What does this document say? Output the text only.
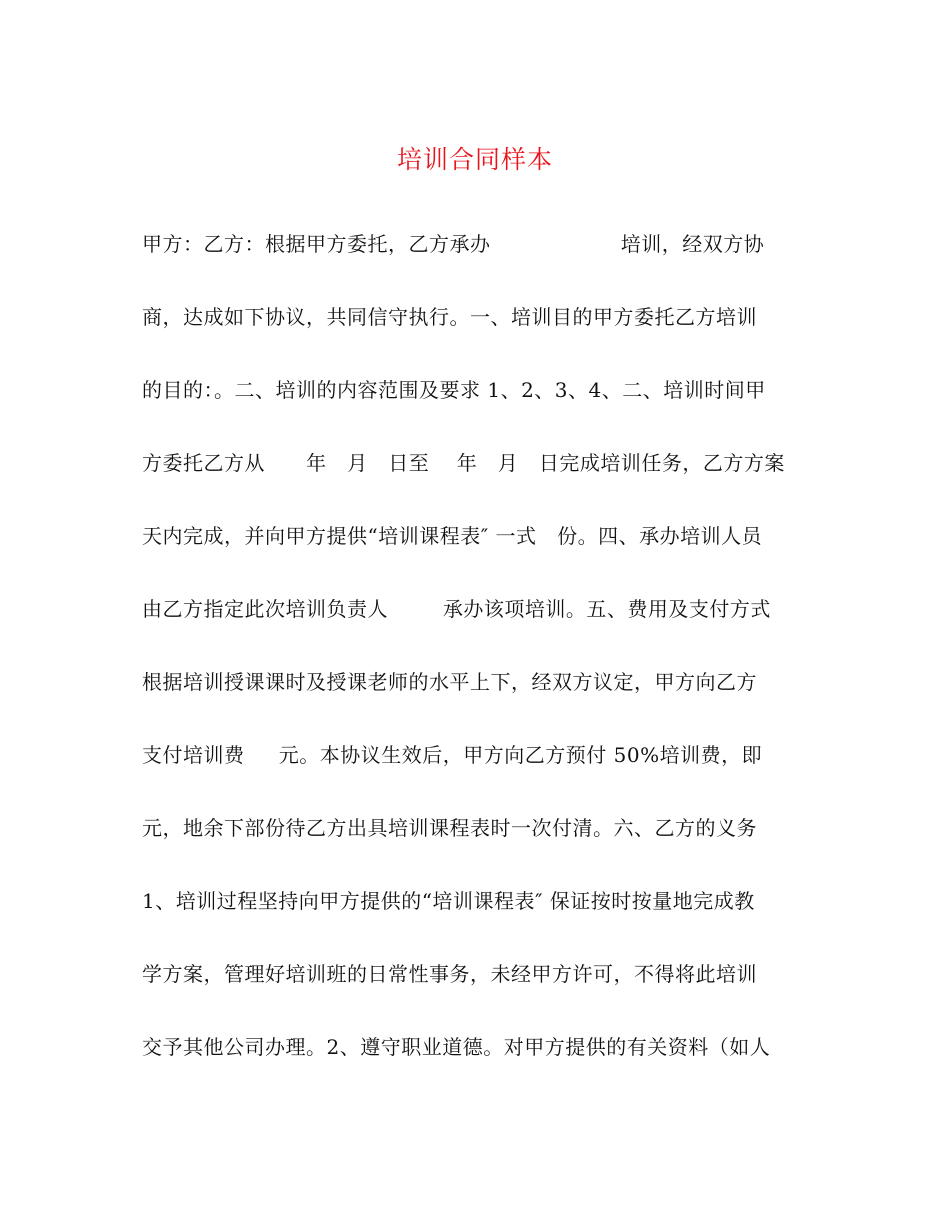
培训合同样本
甲方：乙方：根据甲方委托，乙方承办                   培训，经双方协
商，达成如下协议，共同信守执行。一、培训目的甲方委托乙方培训
的目的：。二、培训的内容范围及要求 1、2、3、4、二、培训时间甲
方委托乙方从      年   月   日至    年   月   日完成培训任务，乙方方案
天内完成，并向甲方提供“培训课程表″ 一式   份。四、承办培训人员
由乙方指定此次培训负责人        承办该项培训。五、费用及支付方式
根据培训授课课时及授课老师的水平上下，经双方议定，甲方向乙方
支付培训费     元。本协议生效后，甲方向乙方预付 50%培训费，即
元，地余下部份待乙方出具培训课程表时一次付清。六、乙方的义务
1、培训过程坚持向甲方提供的“培训课程表″ 保证按时按量地完成教
学方案，管理好培训班的日常性事务，未经甲方许可，不得将此培训
交予其他公司办理。2、遵守职业道德。对甲方提供的有关资料（如人
